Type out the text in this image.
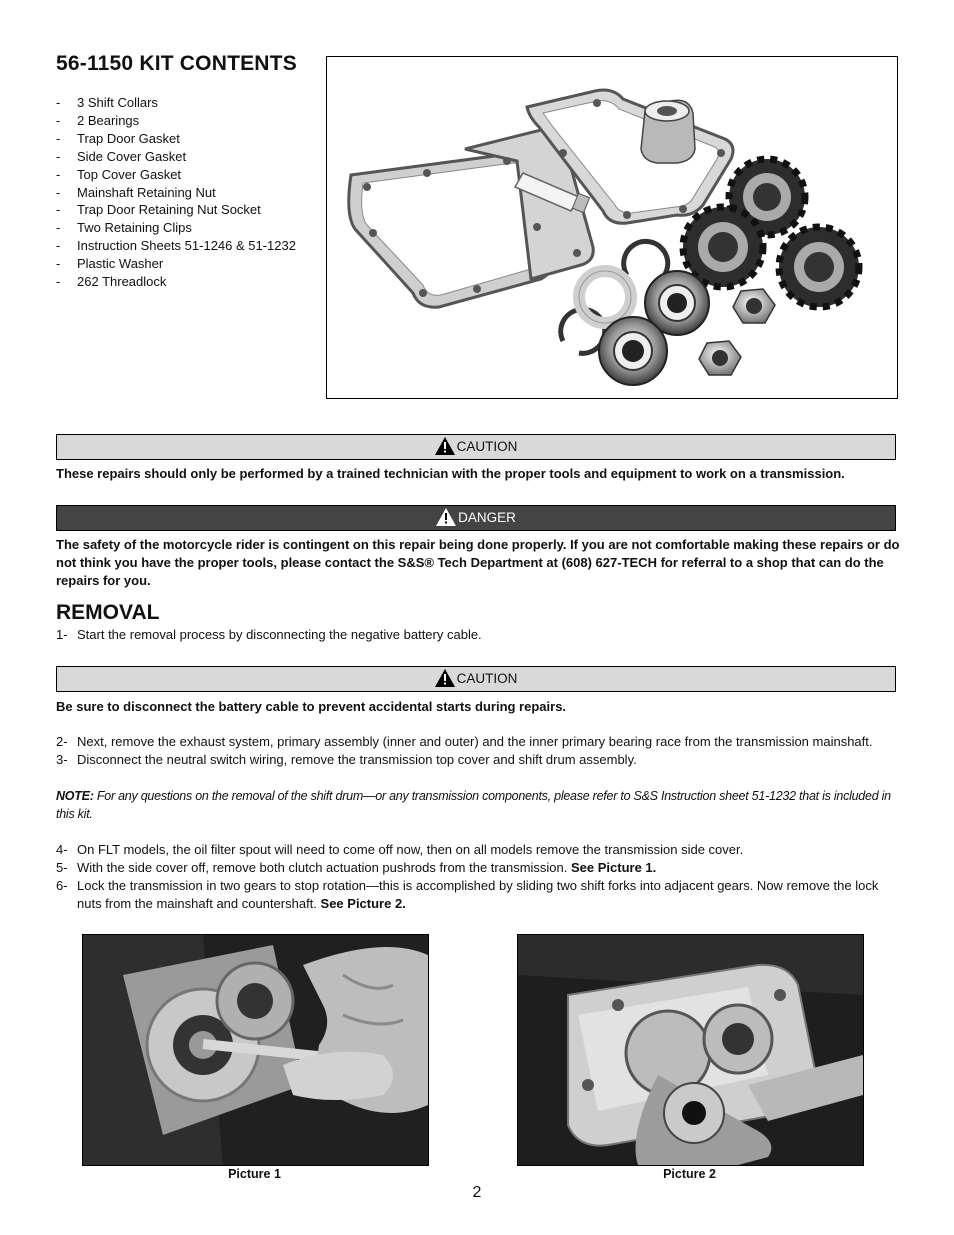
56-1150 KIT CONTENTS
- 3 Shift Collars
- 2 Bearings
- Trap Door Gasket
- Side Cover Gasket
- Top Cover Gasket
- Mainshaft Retaining Nut
- Trap Door Retaining Nut Socket
- Two Retaining Clips
- Instruction Sheets 51-1246 & 51-1232
- Plastic Washer
- 262 Threadlock
CAUTION
These repairs should only be performed by a trained technician with the proper tools and equipment to work on a transmission.
DANGER
The safety of the motorcycle rider is contingent on this repair being done properly. If you are not comfortable making these repairs or do not think you have the proper tools, please contact the S&S® Tech Department at (608) 627-TECH for referral to a shop that can do the repairs for you.
REMOVAL
1- Start the removal process by disconnecting the negative battery cable.
CAUTION
Be sure to disconnect the battery cable to prevent accidental starts during repairs.
2- Next, remove the exhaust system, primary assembly (inner and outer) and the inner primary bearing race from the transmission mainshaft.
3- Disconnect the neutral switch wiring, remove the transmission top cover and shift drum assembly.
NOTE: For any questions on the removal of the shift drum—or any transmission components, please refer to S&S Instruction sheet 51-1232 that is included in this kit.
4- On FLT models, the oil filter spout will need to come off now, then on all models remove the transmission side cover.
5- With the side cover off, remove both clutch actuation pushrods from the transmission. See Picture 1.
6- Lock the transmission in two gears to stop rotation—this is accomplished by sliding two shift forks into adjacent gears. Now remove the lock nuts from the mainshaft and countershaft. See Picture 2.
Picture 1	Picture 2
2
